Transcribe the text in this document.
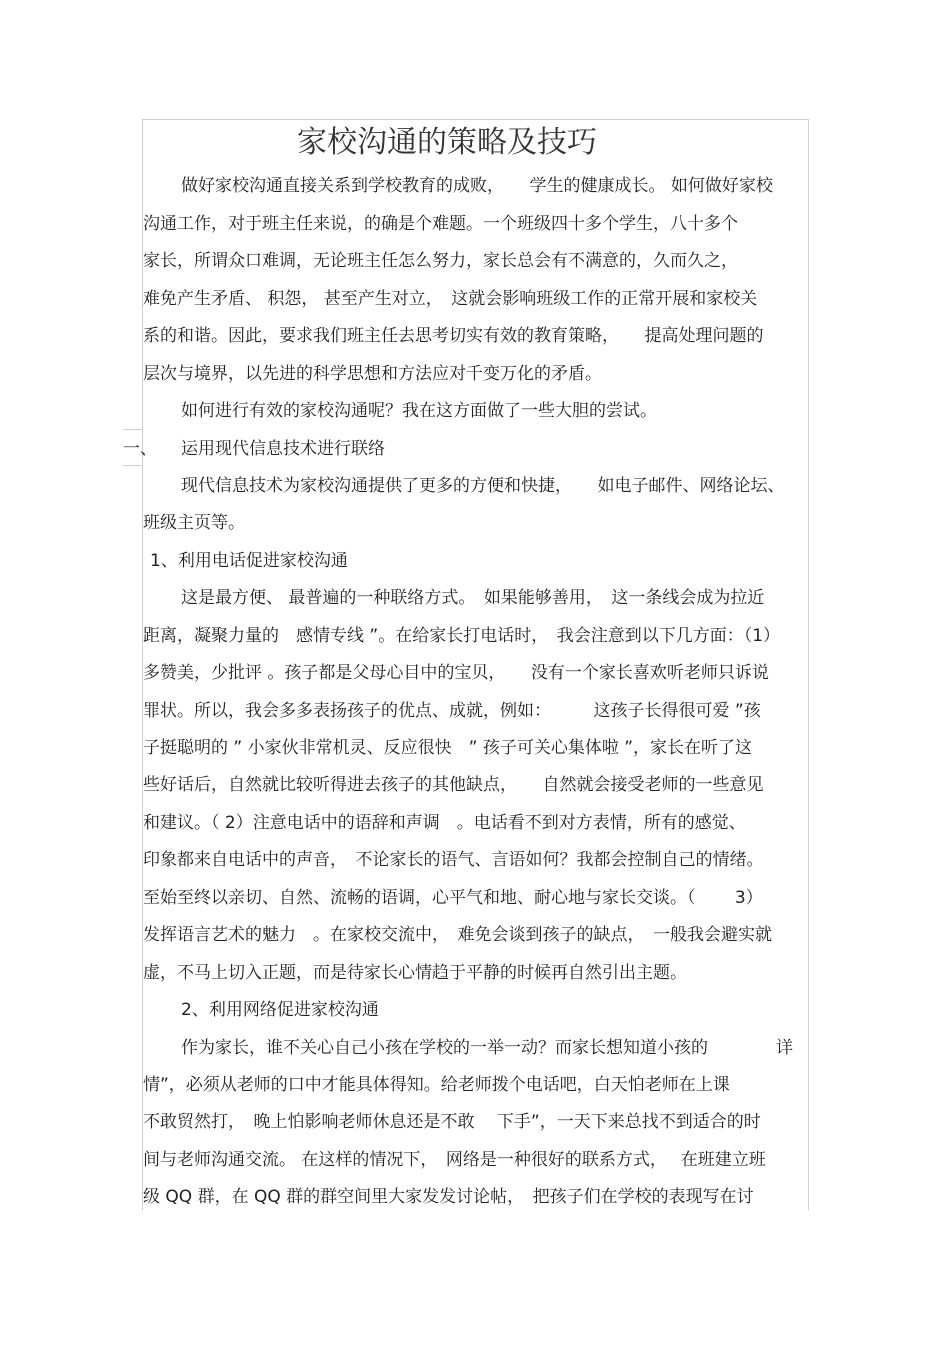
家校沟通的策略及技巧
做好家校沟通直接关系到学校教育的成败，　　学生的健康成长。 如何做好家校
沟通工作，对于班主任来说，的确是个难题。一个班级四十多个学生，八十多个
家长，所谓众口难调，无论班主任怎么努力，家长总会有不满意的，久而久之，
难免产生矛盾、 积怨， 甚至产生对立，　这就会影响班级工作的正常开展和家校关
系的和谐。因此，要求我们班主任去思考切实有效的教育策略，　　提高处理问题的
层次与境界，以先进的科学思想和方法应对千变万化的矛盾。
如何进行有效的家校沟通呢？我在这方面做了一些大胆的尝试。
一、 运用现代信息技术进行联络
现代信息技术为家校沟通提供了更多的方便和快捷，　　如电子邮件、网络论坛、
班级主页等。
1、利用电话促进家校沟通
这是最方便、 最普遍的一种联络方式。　如果能够善用，　这一条线会成为拉近
距离，凝聚力量的　感情专线 ”。在给家长打电话时，　我会注意到以下几方面：（1）
多赞美，少批评 。孩子都是父母心目中的宝贝，　　没有一个家长喜欢听老师只诉说
罪状。所以，我会多多表扬孩子的优点、成就，例如：　　　这孩子长得很可爱 ”孩
子挺聪明的 ” 小家伙非常机灵、反应很快　” 孩子可关心集体啦 ”，家长在听了这
些好话后，自然就比较听得进去孩子的其他缺点，　　自然就会接受老师的一些意见
和建议。（ 2）注意电话中的语辞和声调　。电话看不到对方表情，所有的感觉、
印象都来自电话中的声音，　不论家长的语气、言语如何？我都会控制自己的情绪。
至始至终以亲切、自然、流畅的语调，心平气和地、耐心地与家长交谈。（　　 3）
发挥语言艺术的魅力　。在家校交流中，　难免会谈到孩子的缺点，　一般我会避实就
虚，不马上切入正题，而是待家长心情趋于平静的时候再自然引出主题。
2、利用网络促进家校沟通
作为家长，谁不关心自己小孩在学校的一举一动？而家长想知道小孩的　　　　详
情”，必须从老师的口中才能具体得知。给老师拨个电话吧，白天怕老师在上课
不敢贸然打，　晚上怕影响老师休息还是不敢　 下手”，一天下来总找不到适合的时
间与老师沟通交流。 在这样的情况下，　网络是一种很好的联系方式，　 在班建立班
级 QQ 群，在 QQ 群的群空间里大家发发讨论帖，　把孩子们在学校的表现写在讨
